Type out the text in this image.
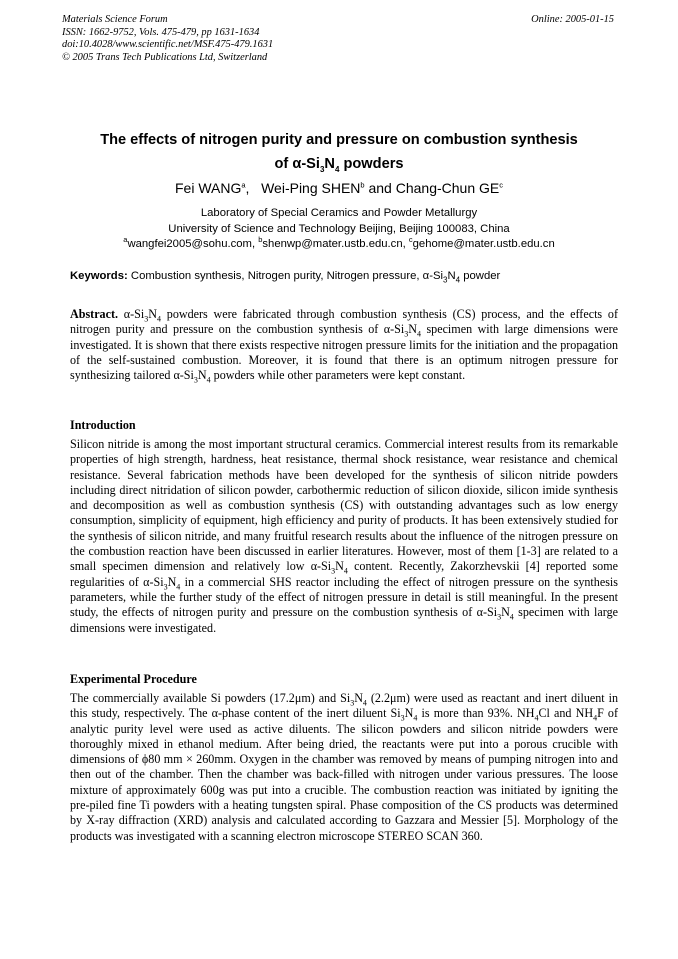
Materials Science Forum
ISSN: 1662-9752, Vols. 475-479, pp 1631-1634
doi:10.4028/www.scientific.net/MSF.475-479.1631
© 2005 Trans Tech Publications Ltd, Switzerland
Online: 2005-01-15
The effects of nitrogen purity and pressure on combustion synthesis
of $\alpha-Si_3N_4$ powders
Fei WANG$^a$,   Wei-Ping SHEN$^b$ and Chang-Chun $GE^c$
Laboratory of Special Ceramics and Powder Metallurgy
University of Science and Technology Beijing, Beijing 100083, China
$^a$wangfei2005@sohu.com, $^b$shenwp@mater.ustb.edu.cn, $^c$gehome@mater.ustb.edu.cn
Keywords: Combustion synthesis, Nitrogen purity, Nitrogen pressure, $\alpha-Si_3N_4$ powder
Abstract. $\alpha-Si_3N_4$ powders were fabricated through combustion synthesis (CS) process, and the effects of nitrogen purity and pressure on the combustion synthesis of $\alpha-Si_3N_4$ specimen with large dimensions were investigated. It is shown that there exists respective nitrogen pressure limits for the initiation and the propagation of the self-sustained combustion. Moreover, it is found that there is an optimum nitrogen pressure for synthesizing tailored $\alpha-Si_3N_4$ powders while other parameters were kept constant.
Introduction
Silicon nitride is among the most important structural ceramics. Commercial interest results from its remarkable properties of high strength, hardness, heat resistance, thermal shock resistance, wear resistance and chemical resistance. Several fabrication methods have been developed for the synthesis of silicon nitride powders including direct nitridation of silicon powder, carbothermic reduction of silicon dioxide, silicon imide synthesis and decomposition as well as combustion synthesis (CS) with outstanding advantages such as low energy consumption, simplicity of equipment, high efficiency and purity of products. It has been extensively studied for the synthesis of silicon nitride, and many fruitful research results about the influence of the nitrogen pressure on the combustion reaction have been discussed in earlier literatures. However, most of them [1-3] are related to a small specimen dimension and relatively low $\alpha-Si_3N_4$ content. Recently, Zakorzhevskii [4] reported some regularities of $\alpha-Si_3N_4$ in a commercial SHS reactor including the effect of nitrogen pressure on the synthesis parameters, while the further study of the effect of nitrogen pressure in detail is still meaningful. In the present study, the effects of nitrogen purity and pressure on the combustion synthesis of $\alpha-Si_3N_4$ specimen with large dimensions were investigated.
Experimental Procedure
The commercially available Si powders (17.2μm) and $Si_3N_4$ (2.2μm) were used as reactant and inert diluent in this study, respectively. The α-phase content of the inert diluent $Si_3N_4$ is more than 93%. $NH_4Cl$ and $NH_4F$ of analytic purity level were used as active diluents. The silicon powders and silicon nitride powders were thoroughly mixed in ethanol medium. After being dried, the reactants were put into a porous crucible with dimensions of ϕ80 mm × 260mm. Oxygen in the chamber was removed by means of pumping nitrogen into and then out of the chamber. Then the chamber was back-filled with nitrogen under various pressures. The loose mixture of approximately 600g was put into a crucible. The combustion reaction was initiated by igniting the pre-piled fine Ti powders with a heating tungsten spiral. Phase composition of the CS products was determined by X-ray diffraction (XRD) analysis and calculated according to Gazzara and Messier [5]. Morphology of the products was investigated with a scanning electron microscope STEREO SCAN 360.
